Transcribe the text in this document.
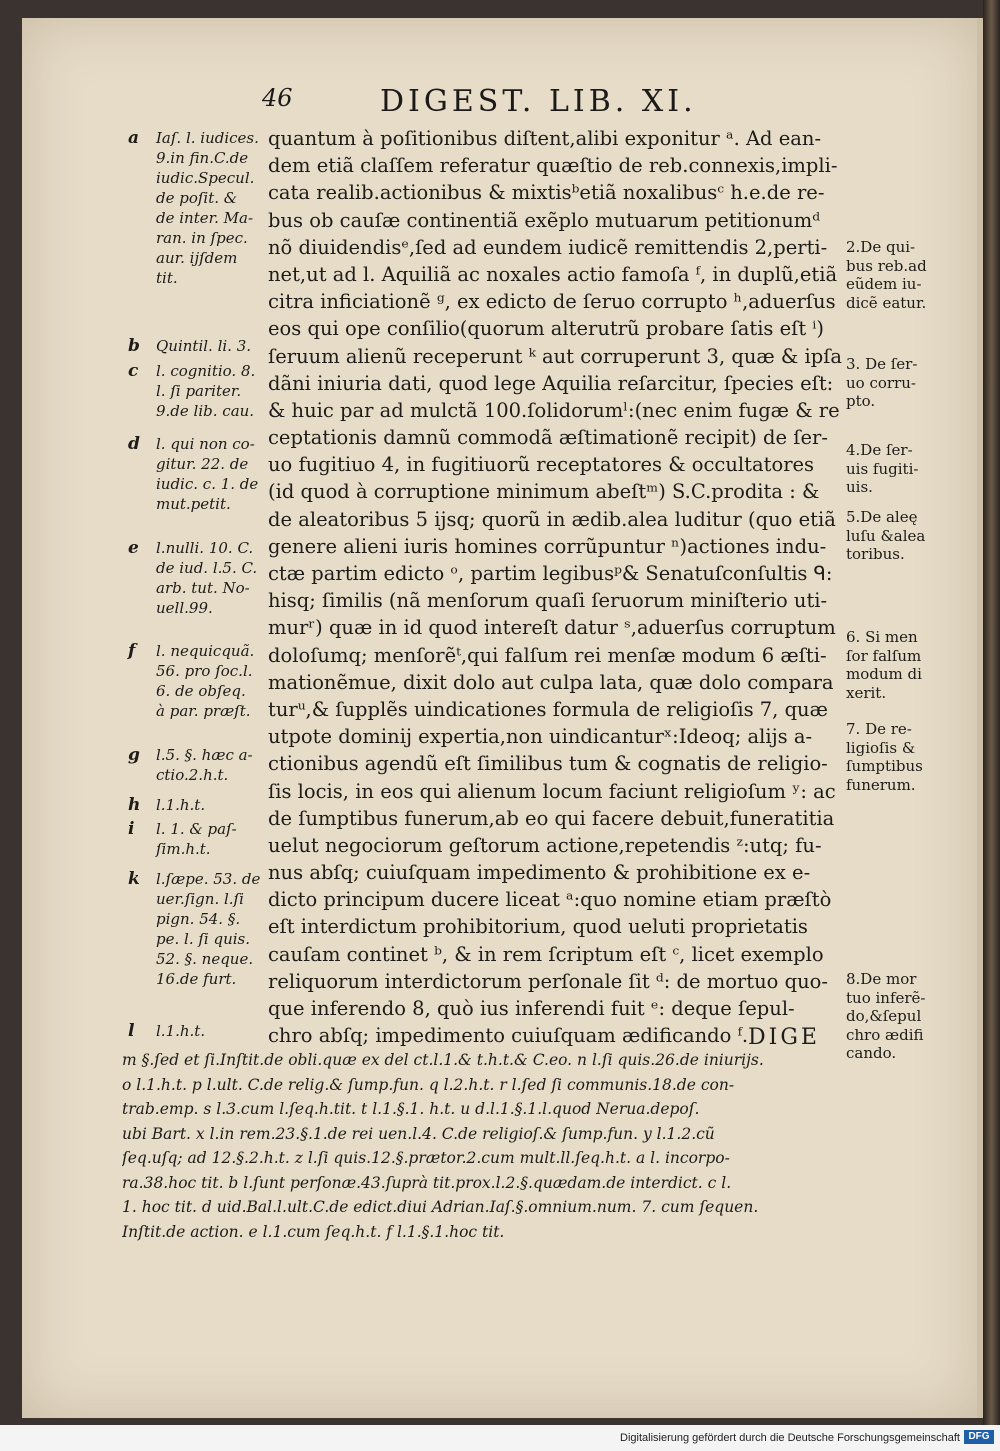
46	DIGEST. LIB. XI.
quantum à poſitionibus diſtent,alibi exponitur ᵃ. Ad ean-
dem etiã claſſem referatur quæſtio de reb.connexis,impli-
cata realib.actionibus & mixtisᵇetiã noxalibusᶜ h.e.de re-
bus ob cauſæ continentiã exẽplo mutuarum petitionumᵈ
nõ diuidendisᵉ,ſed ad eundem iudicẽ remittendis 2,perti-
net,ut ad l. Aquiliã ac noxales actio famoſa ᶠ, in duplũ,etiã
citra inficiationẽ ᵍ, ex edicto de ſeruo corrupto ʰ,aduerſus
eos qui ope conſilio(quorum alterutrũ probare ſatis eſt ⁱ)
ſeruum alienũ receperunt ᵏ aut corruperunt 3, quæ & ipſa
dãni iniuria dati, quod lege Aquilia reſarcitur, ſpecies eſt:
& huic par ad mulctã 100.ſolidorumˡ:(nec enim fugæ & re
ceptationis damnũ commodã æſtimationẽ recipit) de ſer-
uo fugitiuo 4, in fugitiuorũ receptatores & occultatores
(id quod à corruptione minimum abeſtᵐ) S.C.prodita : &
de aleatoribus 5 ijsq; quorũ in ædib.alea luditur (quo etiã
genere alieni iuris homines corrũpuntur ⁿ)actiones indu-
ctæ partim edicto ᵒ, partim legibusᵖ& Senatuſconſultis ᑫ:
hisq; ſimilis (nã menſorum quaſi ſeruorum miniſterio uti-
murʳ) quæ in id quod intereſt datur ˢ,aduerſus corruptum
doloſumq; menſorẽᵗ,qui falſum rei menſæ modum 6 æſti-
mationẽmue, dixit dolo aut culpa lata, quæ dolo compara
turᵘ,& ſupplẽs uindicationes formula de religioſis 7, quæ
utpote dominij expertia,non uindicanturˣ:Ideoq; alijs a-
ctionibus agendũ eſt ſimilibus tum & cognatis de religio-
ſis locis, in eos qui alienum locum faciunt religioſum ʸ: ac
de ſumptibus funerum,ab eo qui facere debuit,funeratitia
uelut negociorum geſtorum actione,repetendis ᶻ:utq; fu-
nus abſq; cuiuſquam impedimento & prohibitione ex e-
dicto principum ducere liceat ᵃ:quo nomine etiam præſtò
eſt interdictum prohibitorium, quod ueluti proprietatis
cauſam continet ᵇ, & in rem ſcriptum eſt ᶜ, licet exemplo
reliquorum interdictorum perſonale ſit ᵈ: de mortuo quo-
que inferendo 8, quò ius inferendi fuit ᵉ: deque ſepul-
chro abſq; impedimento cuiuſquam ædificando ᶠ. DIGE
a Iaſ. l. iudices.
9.in fin.C.de
iudic.Specul.
de poſit. &
de inter. Ma-
ran. in ſpec.
aur. ijſdem
tit.
b Quintil. li. 3.
c l. cognitio. 8.
l. ſi pariter.
9.de lib. cau.
d l. qui non co-
gitur. 22. de
iudic. c. 1. de
mut.petit.
e l.nulli. 10. C.
de iud. l.5. C.
arb. tut. No-
uell.99.
f l. nequicquã.
56. pro ſoc.l.
6. de obſeq.
à par. præſt.
g l.5. §. hæc a-
ctio.2.h.t.
h l.1.h.t.
i l. 1. & paſ-
ſim.h.t.
k l.ſæpe. 53. de
uer.ſign. l.ſi
pign. 54. §.
pe. l. ſi quis.
52. §. neque.
16.de furt.
l l.1.h.t.
2.De qui-
bus reb.ad
eũdem iu-
dicẽ eatur.
3. De ſer-
uo corru-
pto.
4.De ſer-
uis fugiti-
uis.
5.De aleę
luſu &alea
toribus.
6. Si men
ſor falſum
modum di
xerit.
7. De re-
ligioſis &
ſumptibus
funerum.
8.De mor
tuo inferẽ-
do,&ſepul
chro ædifi
cando.
m §.ſed et ſi.Inſtit.de obli.quæ ex del ct.l.1.& t.h.t.& C.eo. n l.ſi quis.26.de iniurijs.
o l.1.h.t. p l.ult. C.de relig.& ſump.fun. q l.2.h.t. r l.ſed ſi communis.18.de con-
trab.emp. s l.3.cum l.ſeq.h.tit. t l.1.§.1. h.t. u d.l.1.§.1.l.quod Nerua.depoſ.
ubi Bart. x l.in rem.23.§.1.de rei uen.l.4. C.de religioſ.& ſump.fun. y l.1.2.cũ
ſeq.uſq; ad 12.§.2.h.t. z l.ſi quis.12.§.prætor.2.cum mult.ll.ſeq.h.t. a l. incorpo-
ra.38.hoc tit. b l.ſunt perſonæ.43.ſuprà tit.prox.l.2.§.quædam.de interdict. c l.
1. hoc tit. d uid.Bal.l.ult.C.de edict.diui Adrian.Iaſ.§.omnium.num. 7. cum ſequen.
Inſtit.de action. e l.1.cum ſeq.h.t. f l.1.§.1.hoc tit.
Digitalisierung gefördert durch die Deutsche Forschungsgemeinschaft DFG
